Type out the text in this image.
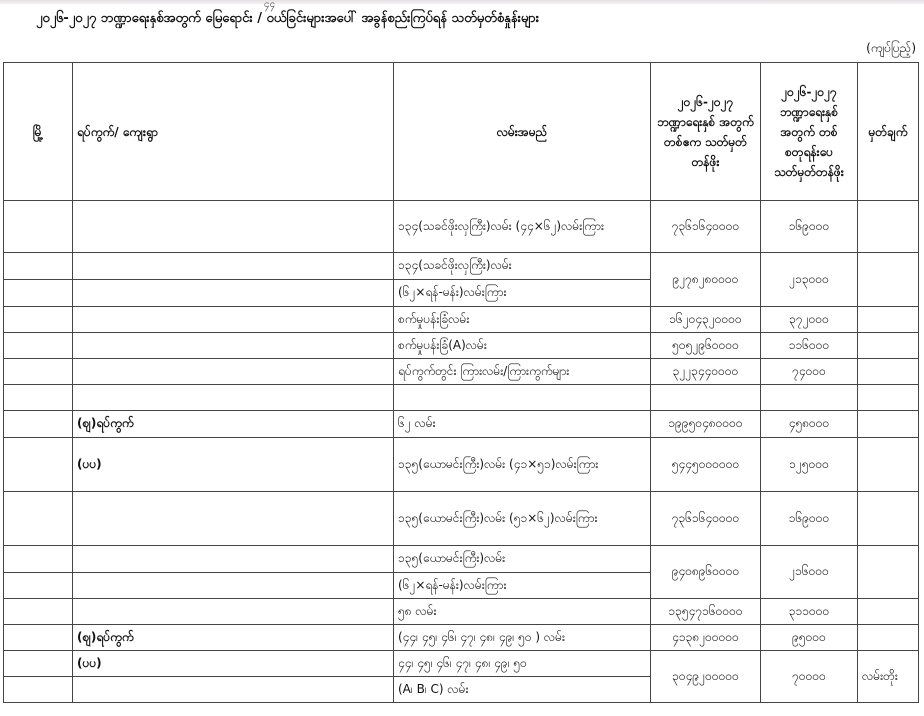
၄၄
၂၀၂၆-၂၀၂၇ ဘဏ္ဍာရေးနှစ်အတွက် မြေရောင်း / ဝယ်ခြင်းများအပေါ် အခွန်စည်းကြပ်ရန် သတ်မှတ်စံနှုန်းများ
(ကျပ်ပြည့်)
မြို့	ရပ်ကွက်/ ကျေးရွာ	လမ်းအမည်	၂၀၂၆-၂၀၂၇ ဘဏ္ဍာရေးနှစ် အတွက် တစ်ဧက သတ်မှတ်တန်ဖိုး	၂၀၂၆-၂၀၂၇ ဘဏ္ဍာရေးနှစ် အတွက် တစ်စတုရန်းပေ သတ်မှတ်တန်ဖိုး	မှတ်ချက်
		၁၃၄(သခင်ဖိုးလှကြီး)လမ်း (၄၄×၆၂)လမ်းကြား	၇၃၆၁၆၄၀၀၀၀	၁၆၉၀၀၀	
		၁၃၄(သခင်ဖိုးလှကြီး)လမ်း	၉၂၇၈၂၈၀၀၀၀	၂၁၃၀၀၀	
		(၆၂×ရန်-မန်း)လမ်းကြား			
		စက်မှုပန်းခြံလမ်း	၁၆၂၀၄၃၂၀၀၀၀	၃၇၂၀၀၀	
		စက်မှုပန်းခြံ(A)လမ်း	၅၀၅၂၉၆၀၀၀၀	၁၁၆၀၀၀	
		ရပ်ကွက်တွင်း ကြားလမ်း/ကြားကွက်များ	၃၂၂၃၄၄၀၀၀၀	၇၄၀၀၀	

	(ဈ)ရပ်ကွက်	၆၂ လမ်း	၁၉၉၅၀၄၈၀၀၀၀	၄၅၈၀၀၀	
	(ပပ)	၁၃၅(ယောမင်းကြီး)လမ်း (၄၁×၅၁)လမ်းကြား	၅၄၄၅၀၀၀၀၀၀	၁၂၅၀၀၀	
		၁၃၅(ယောမင်းကြီး)လမ်း (၅၁×၆၂)လမ်းကြား	၇၃၆၁၆၄၀၀၀၀	၁၆၉၀၀၀	
		၁၃၅(ယောမင်းကြီး)လမ်း	၉၄၀၈၉၆၀၀၀၀	၂၁၆၀၀၀	
		(၆၂×ရန်-မန်း)လမ်းကြား			
		၅၈ လမ်း	၁၃၅၄၇၁၆၀၀၀၀	၃၁၁၀၀၀	
	(ဈ)ရပ်ကွက်	(၄၄၊ ၄၅၊ ၄၆၊ ၄၇၊ ၄၈၊ ၄၉၊ ၅၀ ) လမ်း	၄၁၃၈၂၀၀၀၀၀	၉၅၀၀၀	
	(ပပ)	၄၄၊ ၄၅၊ ၄၆၊ ၄၇၊ ၄၈၊ ၄၉၊ ၅၀	၃၀၄၉၂၀၀၀၀၀	၇၀၀၀၀	လမ်းတိုး
		(A၊ B၊ C) လမ်း			
